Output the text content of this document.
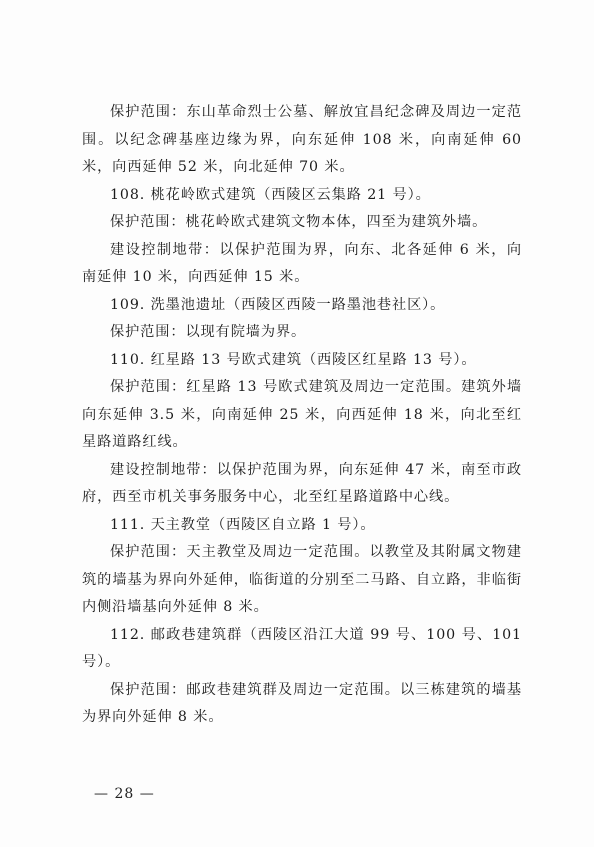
保护范围：东山革命烈士公墓、解放宜昌纪念碑及周边一定范围。以纪念碑基座边缘为界，向东延伸 108 米，向南延伸 60 米，向西延伸 52 米，向北延伸 70 米。

108. 桃花岭欧式建筑（西陵区云集路 21 号）。

保护范围：桃花岭欧式建筑文物本体，四至为建筑外墙。

建设控制地带：以保护范围为界，向东、北各延伸 6 米，向南延伸 10 米，向西延伸 15 米。

109. 洗墨池遗址（西陵区西陵一路墨池巷社区）。

保护范围：以现有院墙为界。

110. 红星路 13 号欧式建筑（西陵区红星路 13 号）。

保护范围：红星路 13 号欧式建筑及周边一定范围。建筑外墙向东延伸 3.5 米，向南延伸 25 米，向西延伸 18 米，向北至红星路道路红线。

建设控制地带：以保护范围为界，向东延伸 47 米，南至市政府，西至市机关事务服务中心，北至红星路道路中心线。

111. 天主教堂（西陵区自立路 1 号）。

保护范围：天主教堂及周边一定范围。以教堂及其附属文物建筑的墙基为界向外延伸，临街道的分别至二马路、自立路，非临街内侧沿墙基向外延伸 8 米。

112. 邮政巷建筑群（西陵区沿江大道 99 号、100 号、101 号）。

保护范围：邮政巷建筑群及周边一定范围。以三栋建筑的墙基为界向外延伸 8 米。

— 28 —
